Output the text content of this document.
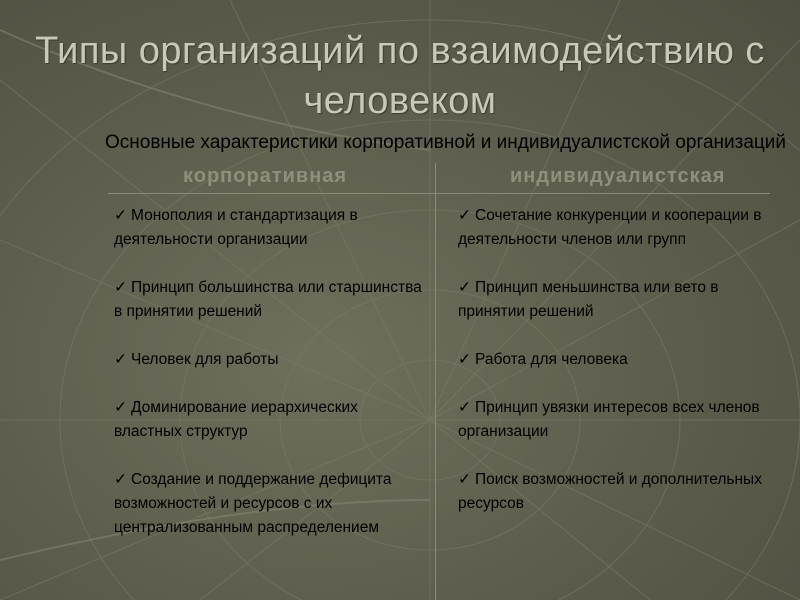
Типы организаций по взаимодействию с человеком
Основные характеристики корпоративной и индивидуалистской организаций
корпоративная	индивидуалистская
✓ Монополия и стандартизация в деятельности организации
✓ Принцип большинства или старшинства в принятии решений
✓ Человек для работы
✓ Доминирование иерархических властных структур
✓ Создание и поддержание дефицита возможностей и ресурсов с их централизованным распределением
✓ Сочетание конкуренции и кооперации в деятельности членов или групп
✓ Принцип меньшинства или вето в принятии решений
✓ Работа для человека
✓ Принцип увязки интересов всех членов организации
✓ Поиск возможностей и дополнительных ресурсов
